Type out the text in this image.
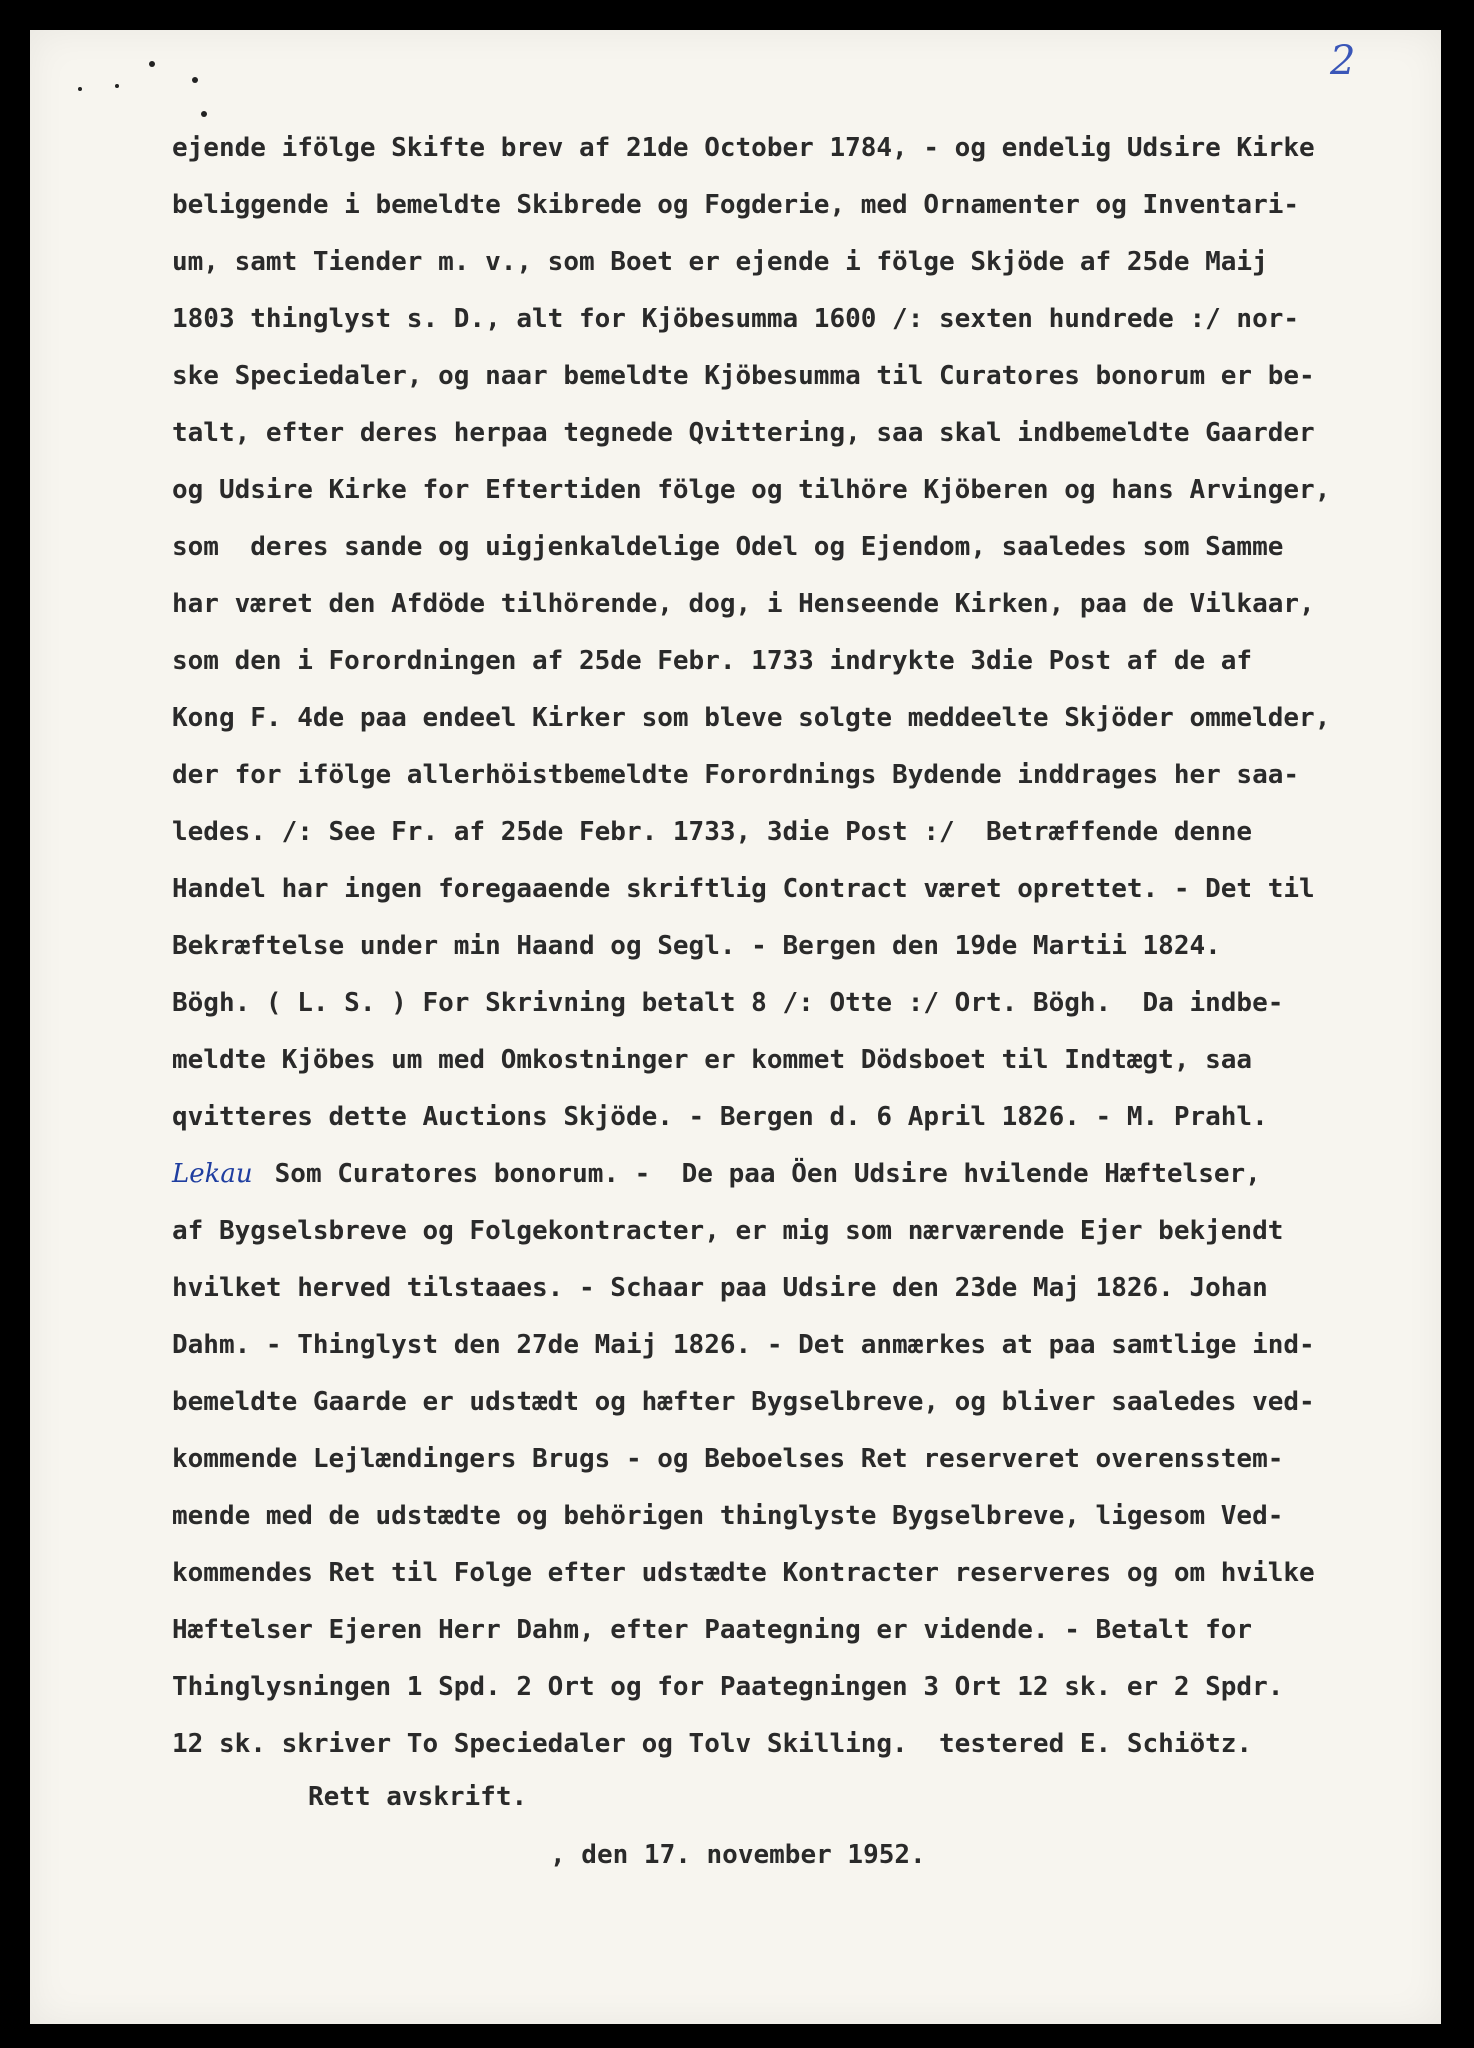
2
ejende ifölge Skifte brev af 21de October 1784, - og endelig Udsire Kirke
beliggende i bemeldte Skibrede og Fogderie, med Ornamenter og Inventari-
um, samt Tiender m. v., som Boet er ejende i fölge Skjöde af 25de Maij
1803 thinglyst s. D., alt for Kjöbesumma 1600 /: sexten hundrede :/ nor-
ske Speciedaler, og naar bemeldte Kjöbesumma til Curatores bonorum er be-
talt, efter deres herpaa tegnede Qvittering, saa skal indbemeldte Gaarder
og Udsire Kirke for Eftertiden fölge og tilhöre Kjöberen og hans Arvinger,
som  deres sande og uigjenkaldelige Odel og Ejendom, saaledes som Samme
har været den Afdöde tilhörende, dog, i Henseende Kirken, paa de Vilkaar,
som den i Forordningen af 25de Febr. 1733 indrykte 3die Post af de af
Kong F. 4de paa endeel Kirker som bleve solgte meddeelte Skjöder ommelder,
der for ifölge allerhöistbemeldte Forordnings Bydende inddrages her saa-
ledes. /: See Fr. af 25de Febr. 1733, 3die Post :/  Betræffende denne
Handel har ingen foregaaende skriftlig Contract været oprettet. - Det til
Bekræftelse under min Haand og Segl. - Bergen den 19de Martii 1824.
Bögh. ( L. S. ) For Skrivning betalt 8 /: Otte :/ Ort. Bögh.  Da indbe-
meldte Kjöbes um med Omkostninger er kommet Dödsboet til Indtægt, saa
qvitteres dette Auctions Skjöde. - Bergen d. 6 April 1826. - M. Prahl.
Lekau Som Curatores bonorum. -  De paa Öen Udsire hvilende Hæftelser,
af Bygselsbreve og Folgekontracter, er mig som nærværende Ejer bekjendt
hvilket herved tilstaaes. - Schaar paa Udsire den 23de Maj 1826. Johan
Dahm. - Thinglyst den 27de Maij 1826. - Det anmærkes at paa samtlige ind-
bemeldte Gaarde er udstædt og hæfter Bygselbreve, og bliver saaledes ved-
kommende Lejlændingers Brugs - og Beboelses Ret reserveret overensstem-
mende med de udstædte og behörigen thinglyste Bygselbreve, ligesom Ved-
kommendes Ret til Folge efter udstædte Kontracter reserveres og om hvilke
Hæftelser Ejeren Herr Dahm, efter Paategning er vidende. - Betalt for
Thinglysningen 1 Spd. 2 Ort og for Paategningen 3 Ort 12 sk. er 2 Spdr.
12 sk. skriver To Speciedaler og Tolv Skilling.  testered E. Schiötz.
Rett avskrift.
, den 17. november 1952.
